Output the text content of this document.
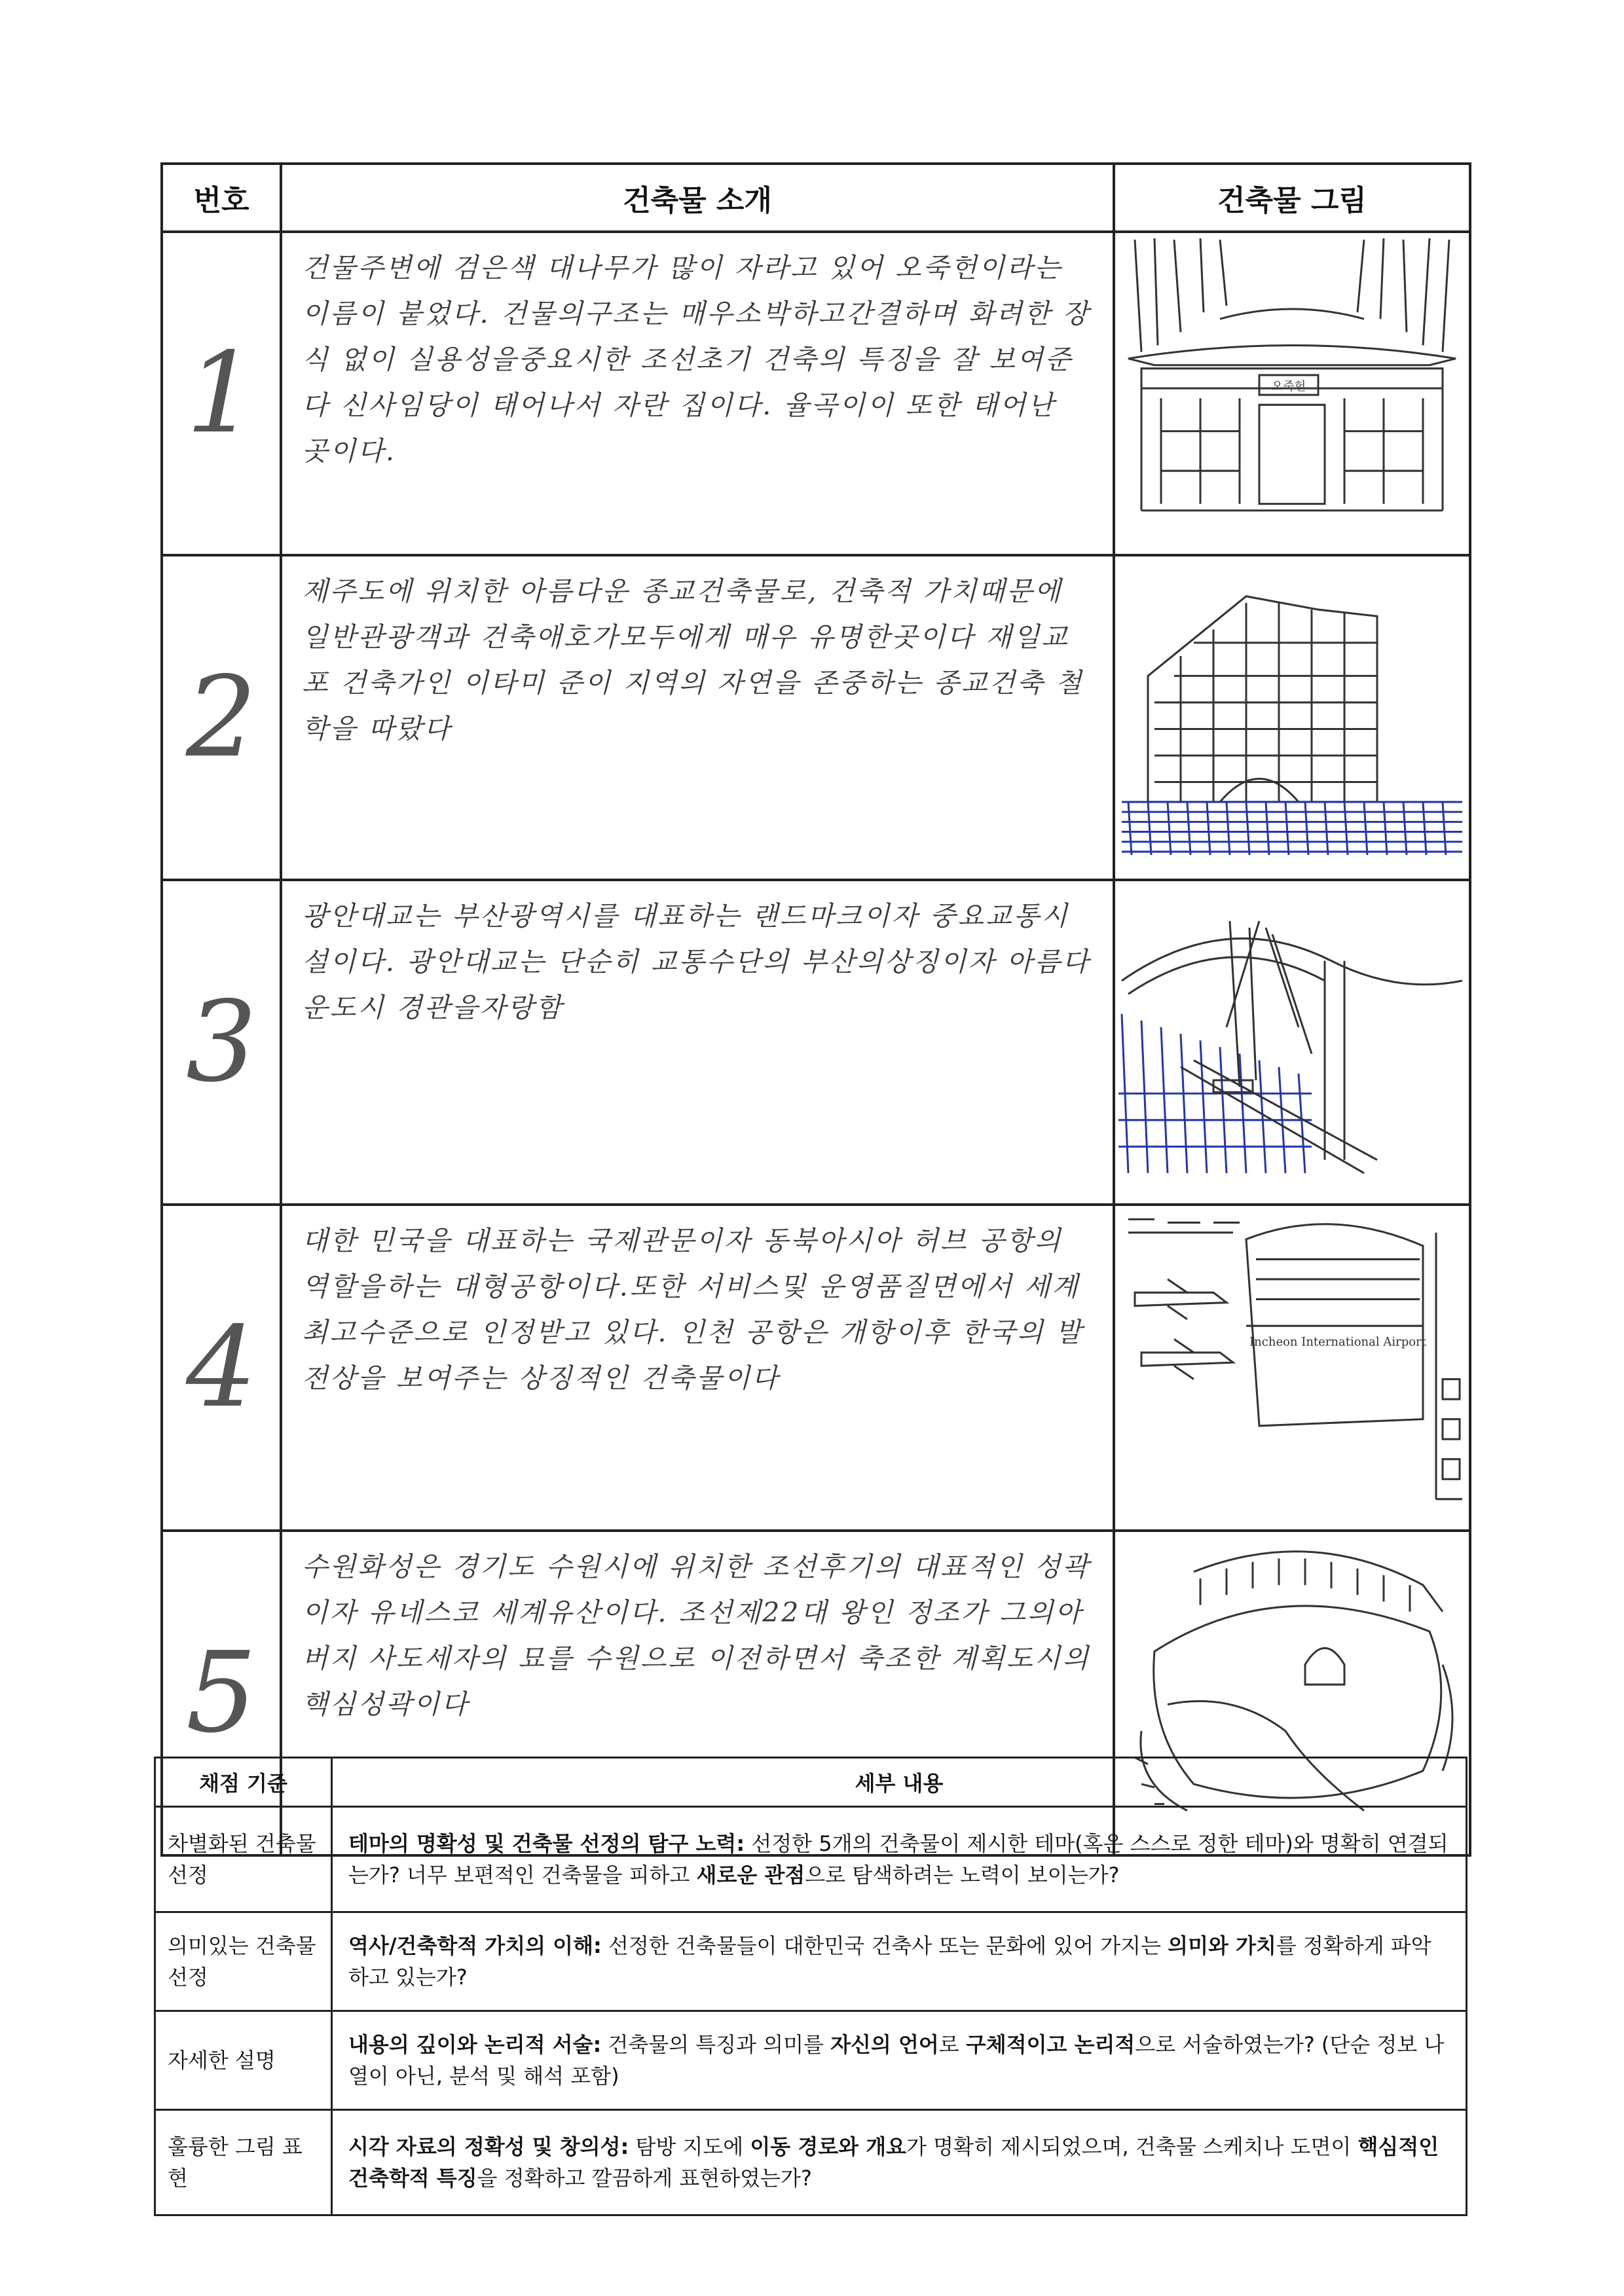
번호	건축물 소개	건축물 그림
1	건물주변에 검은색 대나무가 많이 자라고 있어 오죽헌이라는 이름이 붙었다. 건물의구조는 매우소박하고간결하며 화려한 장식 없이 실용성을중요시한 조선초기 건축의 특징을 잘 보여준다 신사임당이 태어나서 자란 집이다. 율곡이이 또한 태어난 곳이다.	오죽헌

2	제주도에 위치한 아름다운 종교건축물로, 건축적 가치때문에 일반관광객과 건축애호가모두에게 매우 유명한곳이다 재일교포 건축가인 이타미 준이 지역의 자연을 존중하는 종교건축 철학을 따랐다

3	광안대교는 부산광역시를 대표하는 랜드마크이자 중요교통시설이다. 광안대교는 단순히 교통수단의 부산의상징이자 아름다운도시 경관을자랑함

4	대한 민국을 대표하는 국제관문이자 동북아시아 허브 공항의 역할을하는 대형공항이다.또한 서비스및 운영품질면에서 세계 최고수준으로 인정받고 있다. 인천 공항은 개항이후 한국의 발전상을 보여주는 상징적인 건축물이다	Incheon International Airport

5	수원화성은 경기도 수원시에 위치한 조선후기의 대표적인 성곽이자 유네스코 세계유산이다. 조선제22대 왕인 정조가 그의아버지 사도세자의 묘를 수원으로 이전하면서 축조한 계획도시의 핵심성곽이다

채점 기준	세부 내용
차별화된 건축물 선정	테마의 명확성 및 건축물 선정의 탐구 노력: 선정한 5개의 건축물이 제시한 테마(혹은 스스로 정한 테마)와 명확히 연결되는가? 너무 보편적인 건축물을 피하고 새로운 관점으로 탐색하려는 노력이 보이는가?
의미있는 건축물 선정	역사/건축학적 가치의 이해: 선정한 건축물들이 대한민국 건축사 또는 문화에 있어 가지는 의미와 가치를 정확하게 파악하고 있는가?
자세한 설명	내용의 깊이와 논리적 서술: 건축물의 특징과 의미를 자신의 언어로 구체적이고 논리적으로 서술하였는가? (단순 정보 나열이 아닌, 분석 및 해석 포함)
훌륭한 그림 표현	시각 자료의 정확성 및 창의성: 탐방 지도에 이동 경로와 개요가 명확히 제시되었으며, 건축물 스케치나 도면이 핵심적인 건축학적 특징을 정확하고 깔끔하게 표현하였는가?
